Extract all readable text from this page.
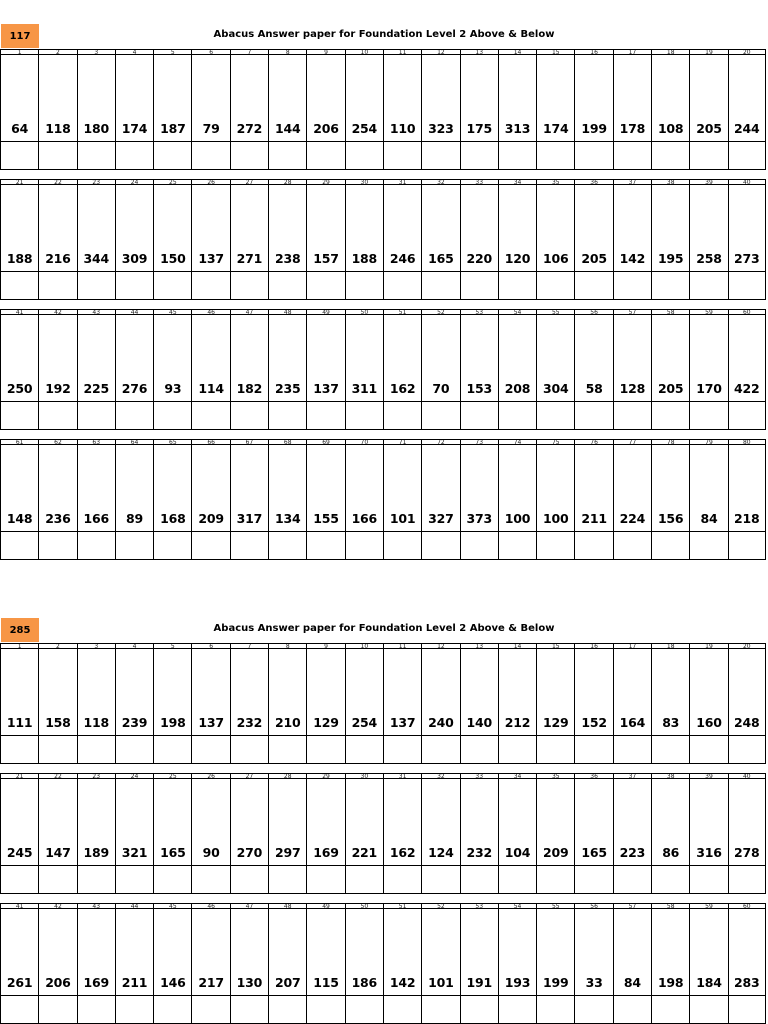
117	Abacus Answer paper for Foundation Level 2 Above & Below
1	2	3	4	5	6	7	8	9	10	11	12	13	14	15	16	17	18	19	20
64	118	180	174	187	79	272	144	206	254	110	323	175	313	174	199	178	108	205 244
21	22	23	24	25	26	27	28	29	30	31	32	33	34	35	36	37	38	39	40
188	216	344	309	150	137	271	238	157	188	246	165	220	120	106	205	142	195	258 273
41	42	43	44	45	46	47	48	49	50	51	52	53	54	55	56	57	58	59	60
250	192	225	276	93	114	182	235	137	311	162	70	153	208	304	58	128	205	170 422
61	62	63	64	65	66	67	68	69	70	71	72	73	74	75	76	77	78	79	80
148	236	166	89	168	209	317	134	155	166	101	327	373	100	100	211	224	156	84	218
285	Abacus Answer paper for Foundation Level 2 Above & Below
1	2	3	4	5	6	7	8	9	10	11	12	13	14	15	16	17	18	19	20
111	158	118	239	198	137	232	210	129	254	137	240	140	212	129	152	164	83	160 248
21	22	23	24	25	26	27	28	29	30	31	32	33	34	35	36	37	38	39	40
245	147	189	321	165	90	270	297	169	221	162	124	232	104	209	165	223	86	316 278
41	42	43	44	45	46	47	48	49	50	51	52	53	54	55	56	57	58	59	60
261	206	169	211	146	217	130	207	115	186	142	101	191	193	199	33	84	198	184 283
